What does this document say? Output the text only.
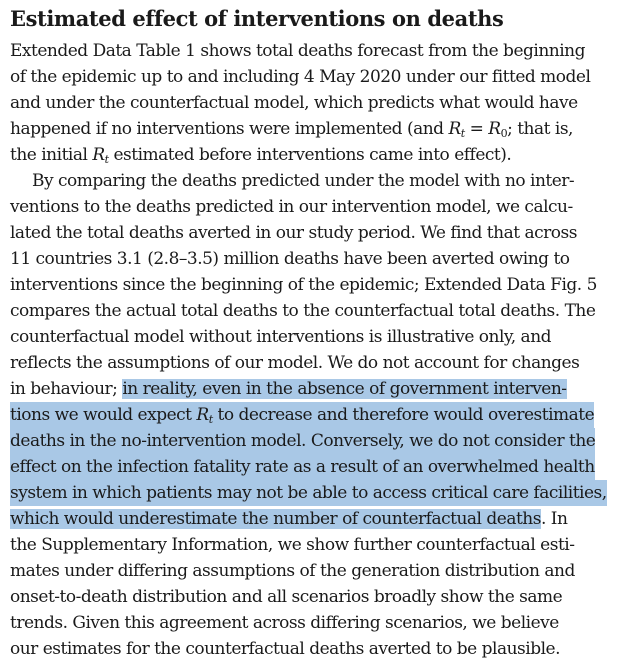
Estimated effect of interventions on deaths
Extended Data Table 1 shows total deaths forecast from the beginning
of the epidemic up to and including 4 May 2020 under our fitted model
and under the counterfactual model, which predicts what would have
happened if no interventions were implemented (and $R_t = R_0$; that is,
the initial $R_t$ estimated before interventions came into effect).
By comparing the deaths predicted under the model with no inter-
ventions to the deaths predicted in our intervention model, we calcu-
lated the total deaths averted in our study period. We find that across
11 countries 3.1 (2.8–3.5) million deaths have been averted owing to
interventions since the beginning of the epidemic; Extended Data Fig. 5
compares the actual total deaths to the counterfactual total deaths. The
counterfactual model without interventions is illustrative only, and
reflects the assumptions of our model. We do not account for changes
in behaviour; in reality, even in the absence of government interven-
tions we would expect $R_t$ to decrease and therefore would overestimate
deaths in the no-intervention model. Conversely, we do not consider the
effect on the infection fatality rate as a result of an overwhelmed health
system in which patients may not be able to access critical care facilities,
which would underestimate the number of counterfactual deaths. In
the Supplementary Information, we show further counterfactual esti-
mates under differing assumptions of the generation distribution and
onset-to-death distribution and all scenarios broadly show the same
trends. Given this agreement across differing scenarios, we believe
our estimates for the counterfactual deaths averted to be plausible.
